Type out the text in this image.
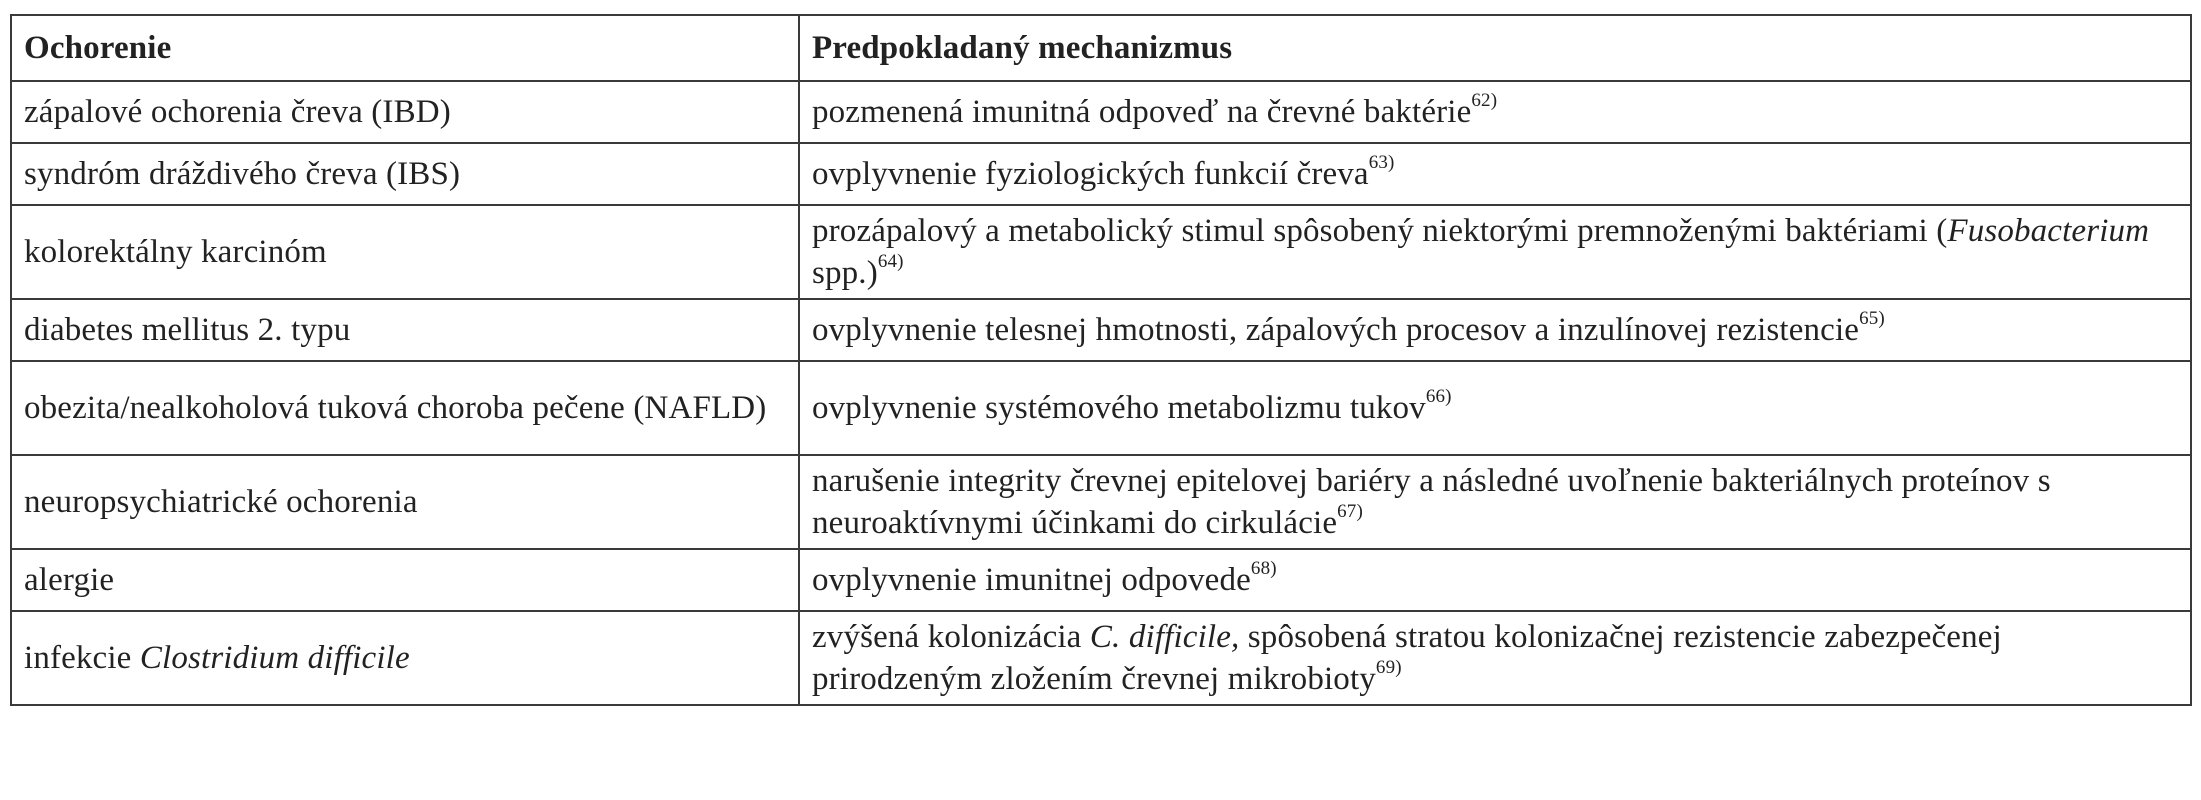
Ochorenie	Predpokladaný mechanizmus
zápalové ochorenia čreva (IBD)	pozmenená imunitná odpoveď na črevné baktérie$^{62)}$
syndróm dráždivého čreva (IBS)	ovplyvnenie fyziologických funkcií čreva$^{63)}$
kolorektálny karcinóm	prozápalový a metabolický stimul spôsobený niektorými premnoženými baktériami (Fusobacterium spp.)$^{64)}$
diabetes mellitus 2. typu	ovplyvnenie telesnej hmotnosti, zápalových procesov a inzulínovej rezistencie$^{65)}$
obezita/nealkoholová tuková choroba pečene (NAFLD)	ovplyvnenie systémového metabolizmu tukov$^{66)}$
neuropsychiatrické ochorenia	narušenie integrity črevnej epitelovej bariéry a následné uvoľnenie bakteriálnych proteínov s neuroaktívnymi účinkami do cirkulácie$^{67)}$
alergie	ovplyvnenie imunitnej odpovede$^{68)}$
infekcie Clostridium difficile	zvýšená kolonizácia C. difficile, spôsobená stratou kolonizačnej rezistencie zabezpečenej prirodzeným zložením črevnej mikrobioty$^{69)}$
